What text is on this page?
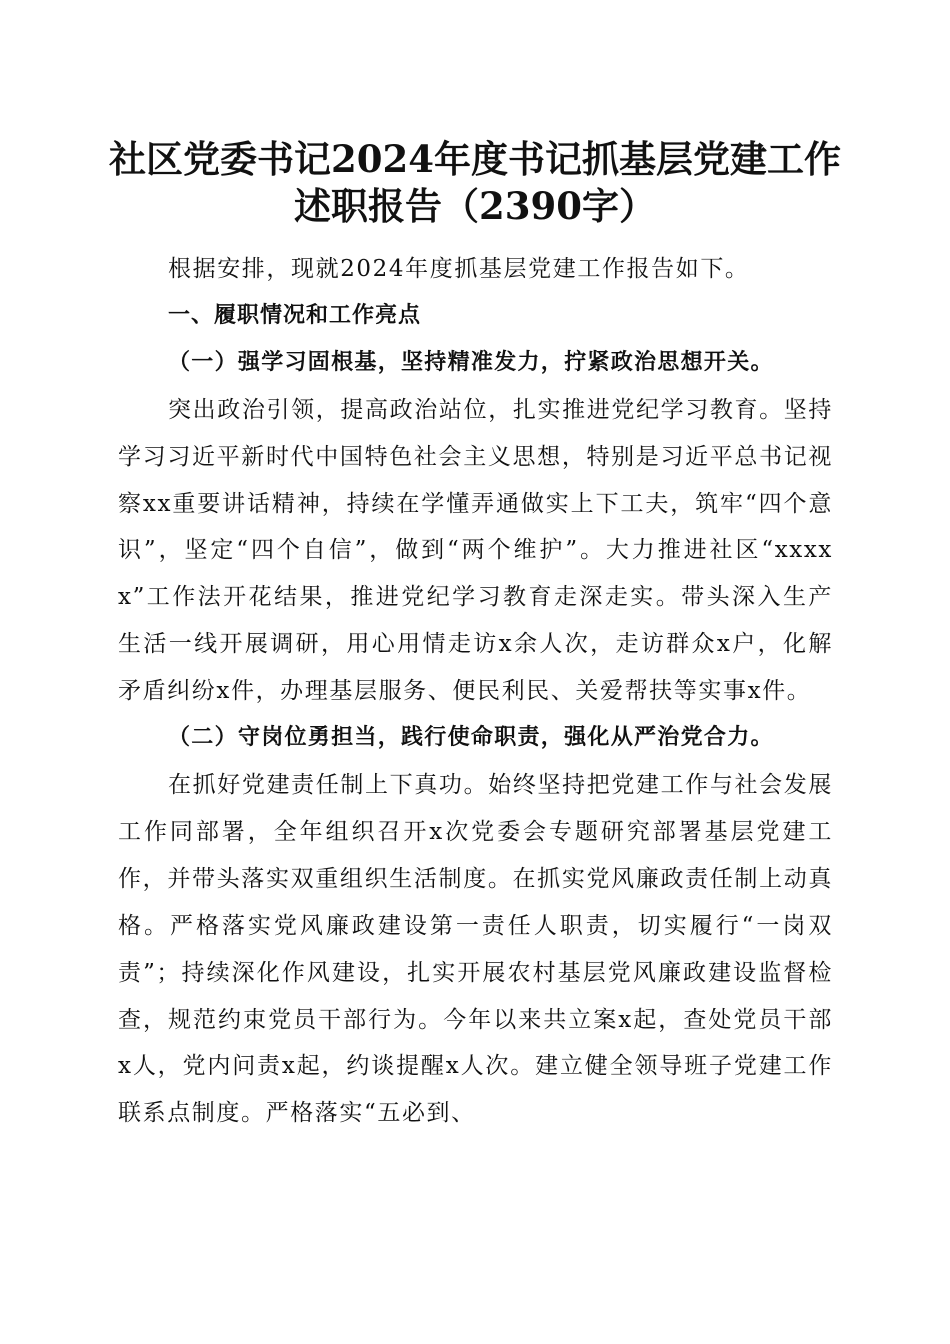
社区党委书记2024年度书记抓基层党建工作
述职报告（2390字）

根据安排，现就2024年度抓基层党建工作报告如下。

一、履职情况和工作亮点

（一）强学习固根基，坚持精准发力，拧紧政治思想开关。

突出政治引领，提高政治站位，扎实推进党纪学习教育。坚持学习习近平新时代中国特色社会主义思想，特别是习近平总书记视察xx重要讲话精神，持续在学懂弄通做实上下工夫，筑牢“四个意识”，坚定“四个自信”，做到“两个维护”。大力推进社区“xxxxx”工作法开花结果，推进党纪学习教育走深走实。带头深入生产生活一线开展调研，用心用情走访x余人次，走访群众x户，化解矛盾纠纷x件，办理基层服务、便民利民、关爱帮扶等实事x件。

（二）守岗位勇担当，践行使命职责，强化从严治党合力。

在抓好党建责任制上下真功。始终坚持把党建工作与社会发展工作同部署，全年组织召开x次党委会专题研究部署基层党建工作，并带头落实双重组织生活制度。在抓实党风廉政责任制上动真格。严格落实党风廉政建设第一责任人职责，切实履行“一岗双责”；持续深化作风建设，扎实开展农村基层党风廉政建设监督检查，规范约束党员干部行为。今年以来共立案x起，查处党员干部x人，党内问责x起，约谈提醒x人次。建立健全领导班子党建工作联系点制度。严格落实“五必到、
